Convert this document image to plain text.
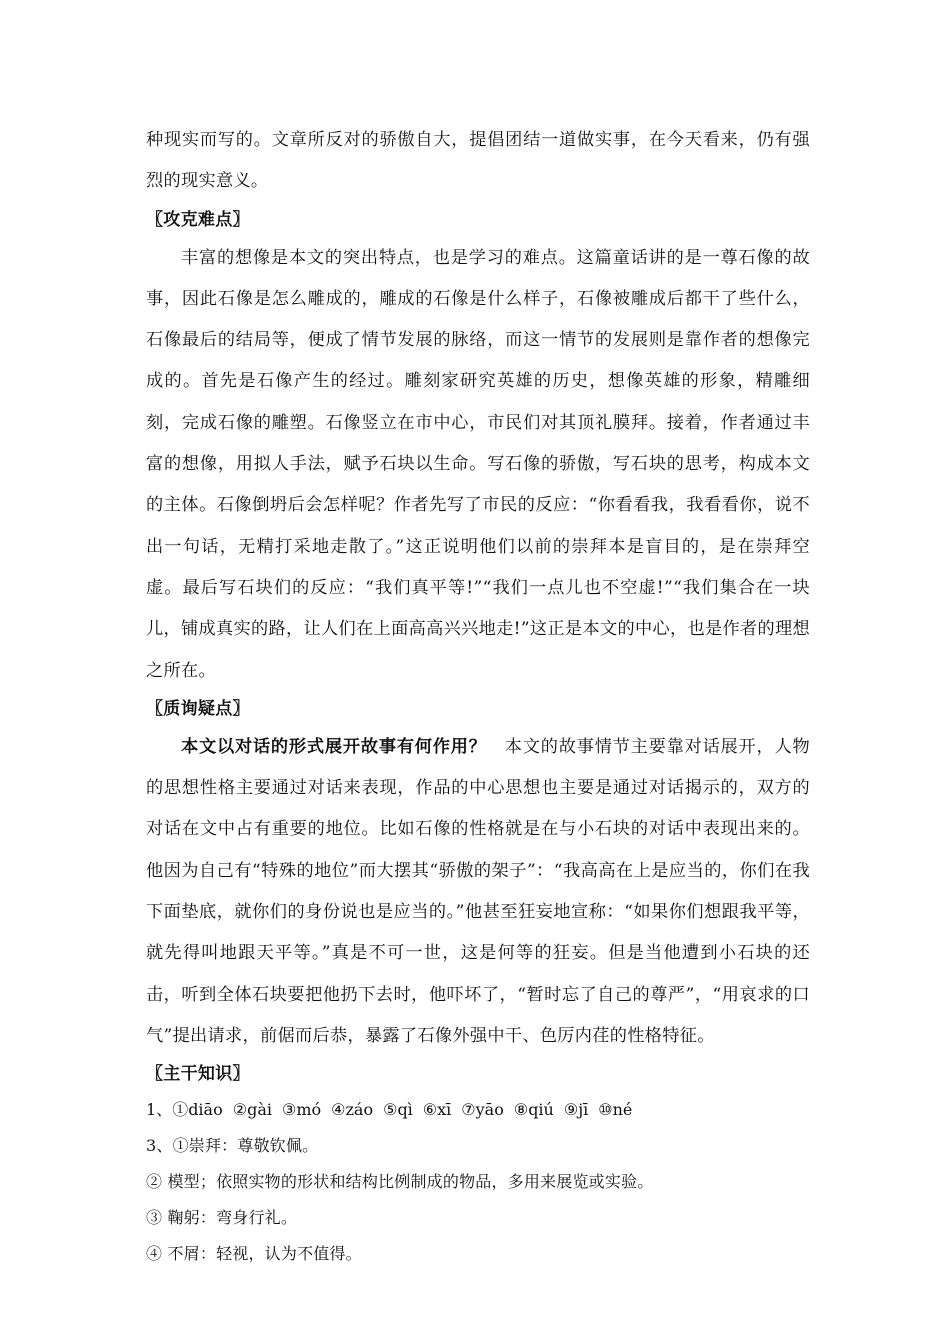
种现实而写的。文章所反对的骄傲自大，提倡团结一道做实事，在今天看来，仍有强烈的现实意义。

〖攻克难点〗

丰富的想像是本文的突出特点，也是学习的难点。这篇童话讲的是一尊石像的故事，因此石像是怎么雕成的，雕成的石像是什么样子，石像被雕成后都干了些什么，石像最后的结局等，便成了情节发展的脉络，而这一情节的发展则是靠作者的想像完成的。首先是石像产生的经过。雕刻家研究英雄的历史，想像英雄的形象，精雕细刻，完成石像的雕塑。石像竖立在市中心，市民们对其顶礼膜拜。接着，作者通过丰富的想像，用拟人手法，赋予石块以生命。写石像的骄傲，写石块的思考，构成本文的主体。石像倒坍后会怎样呢？作者先写了市民的反应：“你看看我，我看看你，说不出一句话，无精打采地走散了。”这正说明他们以前的崇拜本是盲目的，是在崇拜空虚。最后写石块们的反应：“我们真平等!”“我们一点儿也不空虚!”“我们集合在一块儿，铺成真实的路，让人们在上面高高兴兴地走!”这正是本文的中心，也是作者的理想之所在。

〖质询疑点〗

本文以对话的形式展开故事有何作用？　本文的故事情节主要靠对话展开，人物的思想性格主要通过对话来表现，作品的中心思想也主要是通过对话揭示的，双方的对话在文中占有重要的地位。比如石像的性格就是在与小石块的对话中表现出来的。他因为自己有“特殊的地位”而大摆其“骄傲的架子”：“我高高在上是应当的，你们在我下面垫底，就你们的身份说也是应当的。”他甚至狂妄地宣称：“如果你们想跟我平等，就先得叫地跟天平等。”真是不可一世，这是何等的狂妄。但是当他遭到小石块的还击，听到全体石块要把他扔下去时，他吓坏了，“暂时忘了自己的尊严”，“用哀求的口气”提出请求，前倨而后恭，暴露了石像外强中干、色厉内荏的性格特征。

〖主干知识〗

1、①diāo ②gài ③mó ④záo ⑤qì ⑥xī ⑦yāo ⑧qiú ⑨jī ⑩né

3、①崇拜：尊敬钦佩。

② 模型；依照实物的形状和结构比例制成的物品，多用来展览或实验。

③ 鞠躬：弯身行礼。

④ 不屑：轻视，认为不值得。
